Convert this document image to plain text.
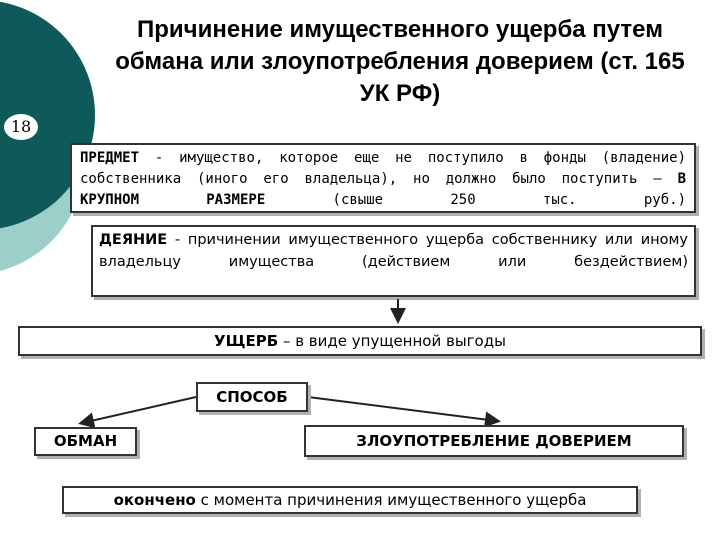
18
Причинение имущественного ущерба путем обмана или злоупотребления доверием (ст. 165 УК РФ)
ПРЕДМЕТ - имущество, которое еще не поступило в фонды (владение) собственника (иного его владельца), но должно было поступить – В КРУПНОМ РАЗМЕРЕ (свыше 250 тыс. руб.)
ДЕЯНИЕ - причинении имущественного ущерба собственнику или иному владельцу имущества (действием или бездействием)
УЩЕРБ – в виде упущенной выгоды
СПОСОБ
ОБМАН	ЗЛОУПОТРЕБЛЕНИЕ ДОВЕРИЕМ
окончено с момента причинения имущественного ущерба
